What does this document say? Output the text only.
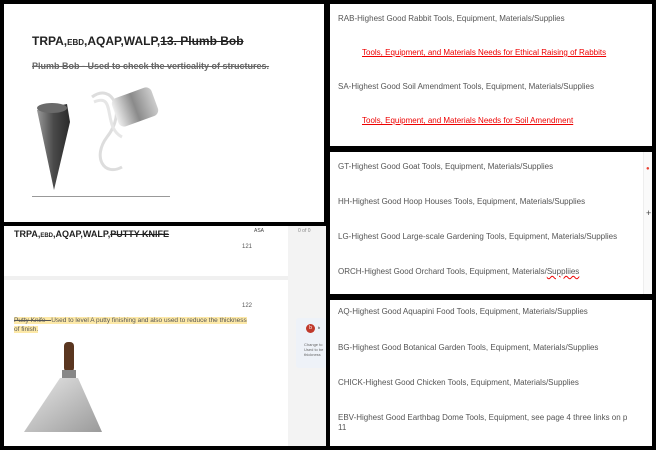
TRPA,EBD,AQAP,WALP,13. Plumb Bob
Plumb Bob - Used to check the verticality of structures.
RAB-Highest Good Rabbit Tools, Equipment, Materials/Supplies
Tools, Equipment, and Materials Needs for Ethical Raising of Rabbits
SA-Highest Good Soil Amendment Tools, Equipment, Materials/Supplies
Tools, Equipment, and Materials Needs for Soil Amendment
GT-Highest Good Goat Tools, Equipment, Materials/Supplies
HH-Highest Good Hoop Houses Tools, Equipment, Materials/Supplies
LG-Highest Good Large-scale Gardening Tools, Equipment, Materials/Supplies
ORCH-Highest Good Orchard Tools, Equipment, Materials/Suppliies
●
+
AQ-Highest Good Aquapini Food Tools, Equipment, Materials/Supplies
BG-Highest Good Botanical Garden Tools, Equipment, Materials/Supplies
CHICK-Highest Good Chicken Tools, Equipment, Materials/Supplies
EBV-Highest Good Earthbag Dome Tools, Equipment, see page 4 three links on p
11
TRPA,EBD,AQAP,WALP,PUTTY KNIFE
121
122
Putty Knife - Used to level A putty finishing and also used to reduce the thickness of finish.
ASA	0 of 0
b	b
Change to Used to be thickness
